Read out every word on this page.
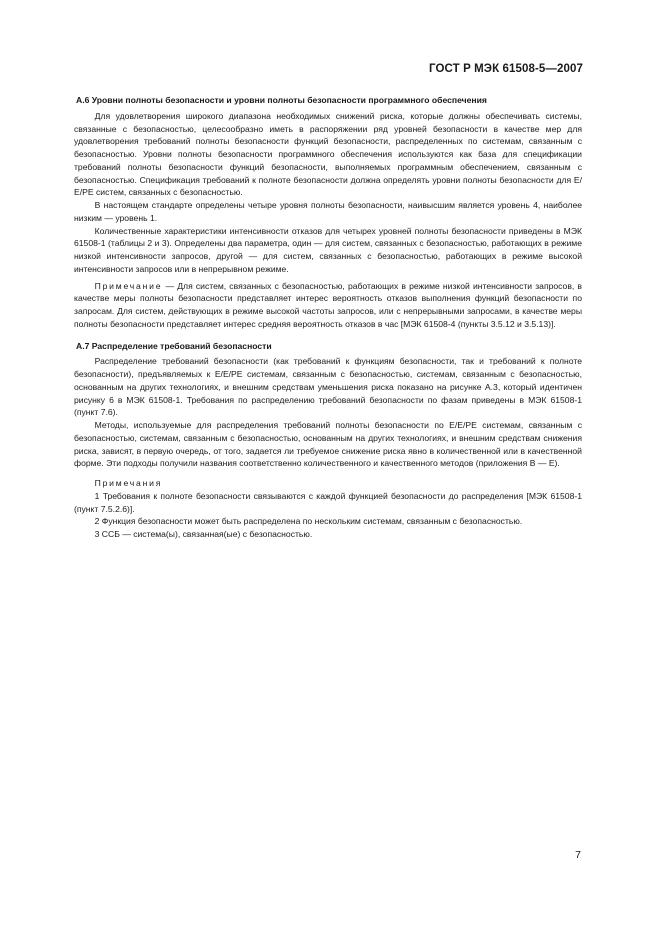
ГОСТ Р МЭК 61508-5—2007

А.6 Уровни полноты безопасности и уровни полноты безопасности программного обеспечения

Для удовлетворения широкого диапазона необходимых снижений риска, которые должны обеспечивать системы, связанные с безопасностью, целесообразно иметь в распоряжении ряд уровней безопасности в качестве мер для удовлетворения требований полноты безопасности функций безопасности, распределенных по системам, связанным с безопасностью. Уровни полноты безопасности программного обеспечения используются как база для спецификации требований полноты безопасности функций безопасности, выполняемых программным обеспечением, связанным с безопасностью. Спецификация требований к полноте безопасности должна определять уровни полноты безопасности для Е/Е/РЕ систем, связанных с безопасностью.

В настоящем стандарте определены четыре уровня полноты безопасности, наивысшим является уровень 4, наиболее низким — уровень 1.

Количественные характеристики интенсивности отказов для четырех уровней полноты безопасности приведены в МЭК 61508-1 (таблицы 2 и 3). Определены два параметра, один — для систем, связанных с безопасностью, работающих в режиме низкой интенсивности запросов, другой — для систем, связанных с безопасностью, работающих в режиме высокой интенсивности запросов или в непрерывном режиме.

Примечание — Для систем, связанных с безопасностью, работающих в режиме низкой интенсивности запросов, в качестве меры полноты безопасности представляет интерес вероятность отказов выполнения функций безопасности по запросам. Для систем, действующих в режиме высокой частоты запросов, или с непрерывными запросами, в качестве меры полноты безопасности представляет интерес средняя вероятность отказов в час [МЭК 61508-4 (пункты 3.5.12 и 3.5.13)].

А.7 Распределение требований безопасности

Распределение требований безопасности (как требований к функциям безопасности, так и требований к полноте безопасности), предъявляемых к Е/Е/РЕ системам, связанным с безопасностью, системам, связанным с безопасностью, основанным на других технологиях, и внешним средствам уменьшения риска показано на рисунке А.3, который идентичен рисунку 6 в МЭК 61508-1. Требования по распределению требований безопасности по фазам приведены в МЭК 61508-1 (пункт 7.6).

Методы, используемые для распределения требований полноты безопасности по Е/Е/РЕ системам, связанным с безопасностью, системам, связанным с безопасностью, основанным на других технологиях, и внешним средствам снижения риска, зависят, в первую очередь, от того, задается ли требуемое снижение риска явно в количественной или в качественной форме. Эти подходы получили названия соответственно количественного и качественного методов (приложения В — Е).

Примечания

1 Требования к полноте безопасности связываются с каждой функцией безопасности до распределения [МЭК 61508-1 (пункт 7.5.2.6)].

2 Функция безопасности может быть распределена по нескольким системам, связанным с безопасностью.

3 ССБ — система(ы), связанная(ые) с безопасностью.

7
